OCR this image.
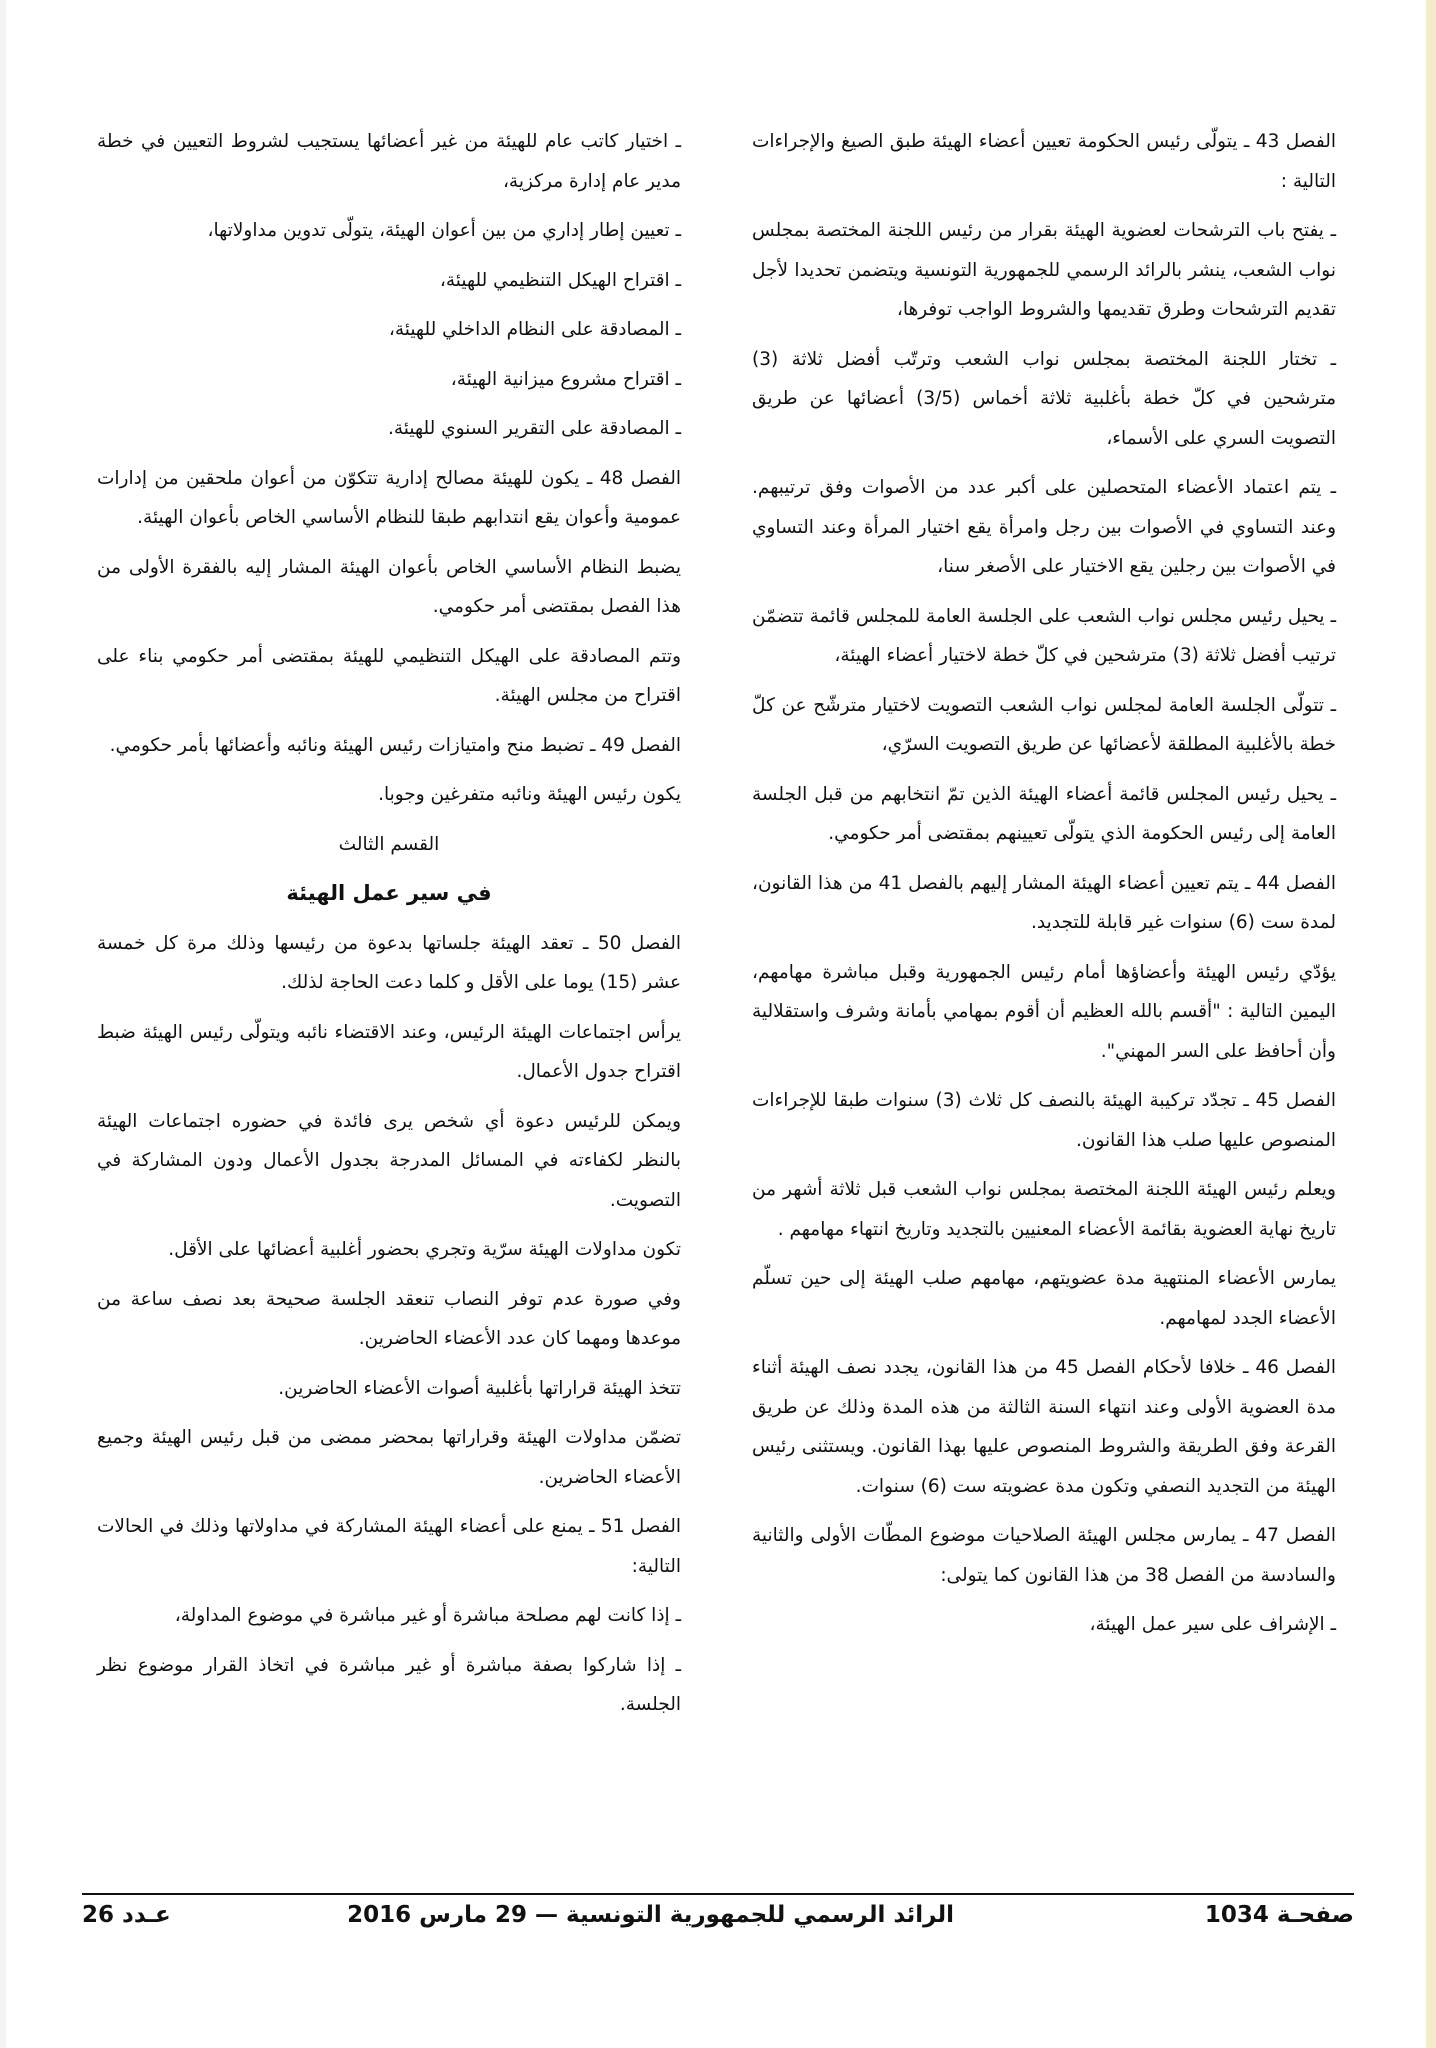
الفصل 43 ـ يتولّى رئيس الحكومة تعيين أعضاء الهيئة طبق الصيغ والإجراءات التالية :

ـ يفتح باب الترشحات لعضوية الهيئة بقرار من رئيس اللجنة المختصة بمجلس نواب الشعب، ينشر بالرائد الرسمي للجمهورية التونسية ويتضمن تحديدا لأجل تقديم الترشحات وطرق تقديمها والشروط الواجب توفرها،

ـ تختار اللجنة المختصة بمجلس نواب الشعب وترتّب أفضل ثلاثة (3) مترشحين في كلّ خطة بأغلبية ثلاثة أخماس (3/5) أعضائها عن طريق التصويت السري على الأسماء،

ـ يتم اعتماد الأعضاء المتحصلين على أكبر عدد من الأصوات وفق ترتيبهم. وعند التساوي في الأصوات بين رجل وامرأة يقع اختيار المرأة وعند التساوي في الأصوات بين رجلين يقع الاختيار على الأصغر سنا،

ـ يحيل رئيس مجلس نواب الشعب على الجلسة العامة للمجلس قائمة تتضمّن ترتيب أفضل ثلاثة (3) مترشحين في كلّ خطة لاختيار أعضاء الهيئة،

ـ تتولّى الجلسة العامة لمجلس نواب الشعب التصويت لاختيار مترشّح عن كلّ خطة بالأغلبية المطلقة لأعضائها عن طريق التصويت السرّي،

ـ يحيل رئيس المجلس قائمة أعضاء الهيئة الذين تمّ انتخابهم من قبل الجلسة العامة إلى رئيس الحكومة الذي يتولّى تعيينهم بمقتضى أمر حكومي.

الفصل 44 ـ يتم تعيين أعضاء الهيئة المشار إليهم بالفصل 41 من هذا القانون، لمدة ست (6) سنوات غير قابلة للتجديد.

يؤدّي رئيس الهيئة وأعضاؤها أمام رئيس الجمهورية وقبل مباشرة مهامهم، اليمين التالية : "أقسم بالله العظيم أن أقوم بمهامي بأمانة وشرف واستقلالية وأن أحافظ على السر المهني".

الفصل 45 ـ تجدّد تركيبة الهيئة بالنصف كل ثلاث (3) سنوات طبقا للإجراءات المنصوص عليها صلب هذا القانون.

ويعلم رئيس الهيئة اللجنة المختصة بمجلس نواب الشعب قبل ثلاثة أشهر من تاريخ نهاية العضوية بقائمة الأعضاء المعنيين بالتجديد وتاريخ انتهاء مهامهم .

يمارس الأعضاء المنتهية مدة عضويتهم، مهامهم صلب الهيئة إلى حين تسلّم الأعضاء الجدد لمهامهم.

الفصل 46 ـ خلافا لأحكام الفصل 45 من هذا القانون، يجدد نصف الهيئة أثناء مدة العضوية الأولى وعند انتهاء السنة الثالثة من هذه المدة وذلك عن طريق القرعة وفق الطريقة والشروط المنصوص عليها بهذا القانون. ويستثنى رئيس الهيئة من التجديد النصفي وتكون مدة عضويته ست (6) سنوات.

الفصل 47 ـ يمارس مجلس الهيئة الصلاحيات موضوع المطّات الأولى والثانية والسادسة من الفصل 38 من هذا القانون كما يتولى:

ـ الإشراف على سير عمل الهيئة،

ـ اختيار كاتب عام للهيئة من غير أعضائها يستجيب لشروط التعيين في خطة مدير عام إدارة مركزية،

ـ تعيين إطار إداري من بين أعوان الهيئة، يتولّى تدوين مداولاتها،

ـ اقتراح الهيكل التنظيمي للهيئة،

ـ المصادقة على النظام الداخلي للهيئة،

ـ اقتراح مشروع ميزانية الهيئة،

ـ المصادقة على التقرير السنوي للهيئة.

الفصل 48 ـ يكون للهيئة مصالح إدارية تتكوّن من أعوان ملحقين من إدارات عمومية وأعوان يقع انتدابهم طبقا للنظام الأساسي الخاص بأعوان الهيئة.

يضبط النظام الأساسي الخاص بأعوان الهيئة المشار إليه بالفقرة الأولى من هذا الفصل بمقتضى أمر حكومي.

وتتم المصادقة على الهيكل التنظيمي للهيئة بمقتضى أمر حكومي بناء على اقتراح من مجلس الهيئة.

الفصل 49 ـ تضبط منح وامتيازات رئيس الهيئة ونائبه وأعضائها بأمر حكومي.

يكون رئيس الهيئة ونائبه متفرغين وجوبا.

القسم الثالث

في سير عمل الهيئة

الفصل 50 ـ تعقد الهيئة جلساتها بدعوة من رئيسها وذلك مرة كل خمسة عشر (15) يوما على الأقل و كلما دعت الحاجة لذلك.

يرأس اجتماعات الهيئة الرئيس، وعند الاقتضاء نائبه ويتولّى رئيس الهيئة ضبط اقتراح جدول الأعمال.

ويمكن للرئيس دعوة أي شخص يرى فائدة في حضوره اجتماعات الهيئة بالنظر لكفاءته في المسائل المدرجة بجدول الأعمال ودون المشاركة في التصويت.

تكون مداولات الهيئة سرّية وتجري بحضور أغلبية أعضائها على الأقل.

وفي صورة عدم توفر النصاب تنعقد الجلسة صحيحة بعد نصف ساعة من موعدها ومهما كان عدد الأعضاء الحاضرين.

تتخذ الهيئة قراراتها بأغلبية أصوات الأعضاء الحاضرين.

تضمّن مداولات الهيئة وقراراتها بمحضر ممضى من قبل رئيس الهيئة وجميع الأعضاء الحاضرين.

الفصل 51 ـ يمنع على أعضاء الهيئة المشاركة في مداولاتها وذلك في الحالات التالية:

ـ إذا كانت لهم مصلحة مباشرة أو غير مباشرة في موضوع المداولة،

ـ إذا شاركوا بصفة مباشرة أو غير مباشرة في اتخاذ القرار موضوع نظر الجلسة.

صفحـة 1034
الرائد الرسمي للجمهورية التونسية — 29 مارس 2016
عـدد 26
